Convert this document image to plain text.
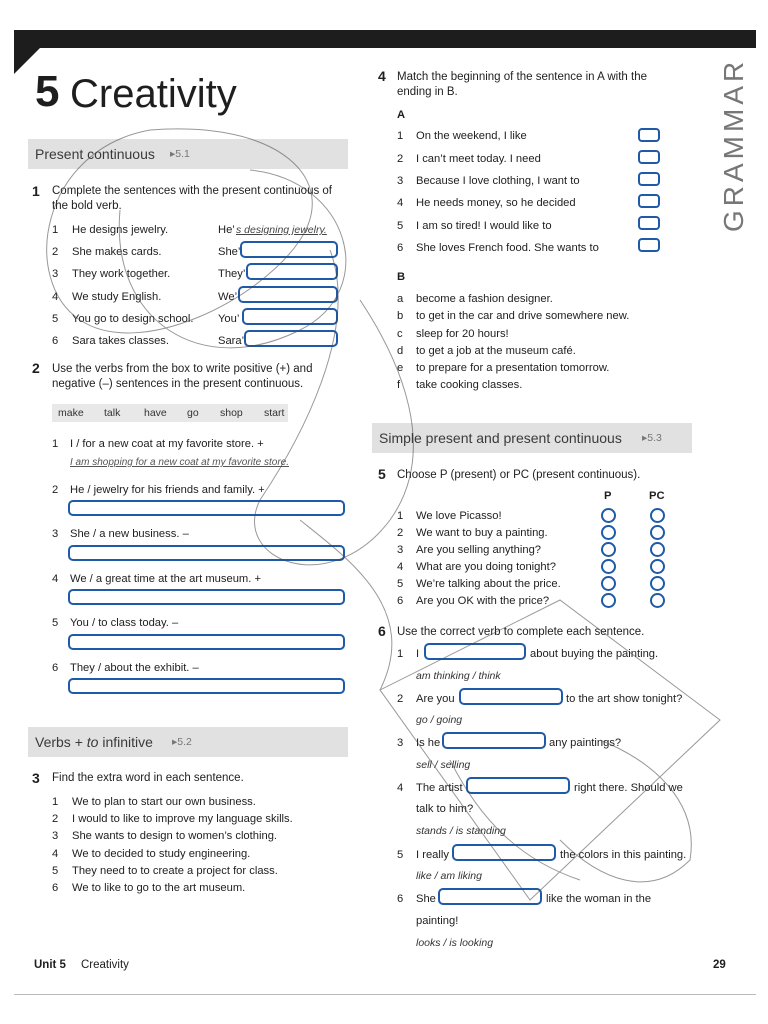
5 Creativity	GRAMMAR
Present continuous ▸5.1
1 Complete the sentences with the present continuous of
the bold verb.
1 He designs jewelry.	He’ s designing jewelry.
2 She makes cards.	She’
3 They work together.	They’
4 We study English.	We’
5 You go to design school. You’
6 Sara takes classes.	Sara’
2 Use the verbs from the box to write positive (+) and
negative (–) sentences in the present continuous.
make talk have go shop start
1 I / for a new coat at my favorite store. +
I am shopping for a new coat at my favorite store.
2 He / jewelry for his friends and family. +
3 She / a new business. –
4 We / a great time at the art museum. +
5 You / to class today. –
6 They / about the exhibit. –
Verbs + to infinitive ▸5.2
3 Find the extra word in each sentence.
1 We to plan to start our own business.
2 I would to like to improve my language skills.
3 She wants to design to women’s clothing.
4 We to decided to study engineering.
5 They need to to create a project for class.
6 We to like to go to the art museum.
4 Match the beginning of the sentence in A with the
ending in B.
A
1 On the weekend, I like
2 I can’t meet today. I need
3 Because I love clothing, I want to
4 He needs money, so he decided
5 I am so tired! I would like to
6 She loves French food. She wants to
B
a become a fashion designer.
b to get in the car and drive somewhere new.
c sleep for 20 hours!
d to get a job at the museum café.
e to prepare for a presentation tomorrow.
f take cooking classes.
Simple present and present continuous ▸5.3
5 Choose P (present) or PC (present continuous).
P	PC
1 We love Picasso!
2 We want to buy a painting.
3 Are you selling anything?
4 What are you doing tonight?
5 We’re talking about the price.
6 Are you OK with the price?
6 Use the correct verb to complete each sentence.
1 I	about buying the painting.
am thinking / think
2 Are you	to the art show tonight?
go / going
3 Is he	any paintings?
sell / selling
4 The artist	right there. Should we
talk to him?
stands / is standing
5 I really	the colors in this painting.
like / am liking
6 She	like the woman in the
painting!
looks / is looking
Unit 5 Creativity	29
